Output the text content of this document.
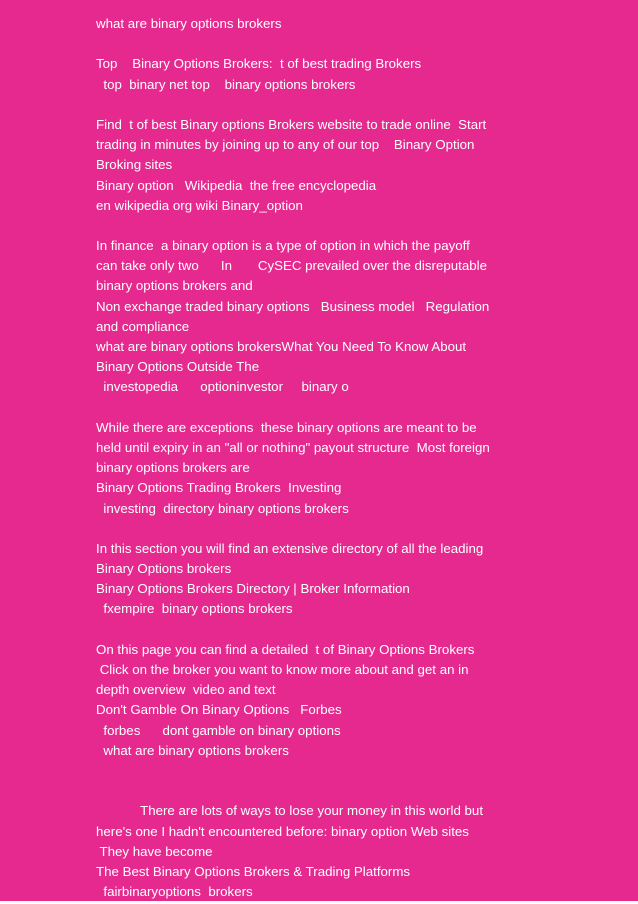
what are binary options brokers
Top    Binary Options Brokers:  t of best trading Brokers
top  binary net top    binary options brokers
Find  t of best Binary options Brokers website to trade online  Start
trading in minutes by joining up to any of our top    Binary Option
Broking sites
Binary option   Wikipedia  the free encyclopedia
en wikipedia org wiki Binary_option
In finance  a binary option is a type of option in which the payoff
can take only two      In       CySEC prevailed over the disreputable
binary options brokers and
Non exchange traded binary options   Business model   Regulation
and compliance
what are binary options brokersWhat You Need To Know About
Binary Options Outside The
investopedia      optioninvestor     binary o
While there are exceptions  these binary options are meant to be
held until expiry in an "all or nothing" payout structure  Most foreign
binary options brokers are
Binary Options Trading Brokers  Investing
investing  directory binary options brokers
In this section you will find an extensive directory of all the leading
Binary Options brokers
Binary Options Brokers Directory | Broker Information
fxempire  binary options brokers
On this page you can find a detailed  t of Binary Options Brokers
Click on the broker you want to know more about and get an in
depth overview  video and text
Don't Gamble On Binary Options   Forbes
forbes      dont gamble on binary options
what are binary options brokers
There are lots of ways to lose your money in this world but
here's one I hadn't encountered before: binary option Web sites
They have become
The Best Binary Options Brokers & Trading Platforms
fairbinaryoptions  brokers
